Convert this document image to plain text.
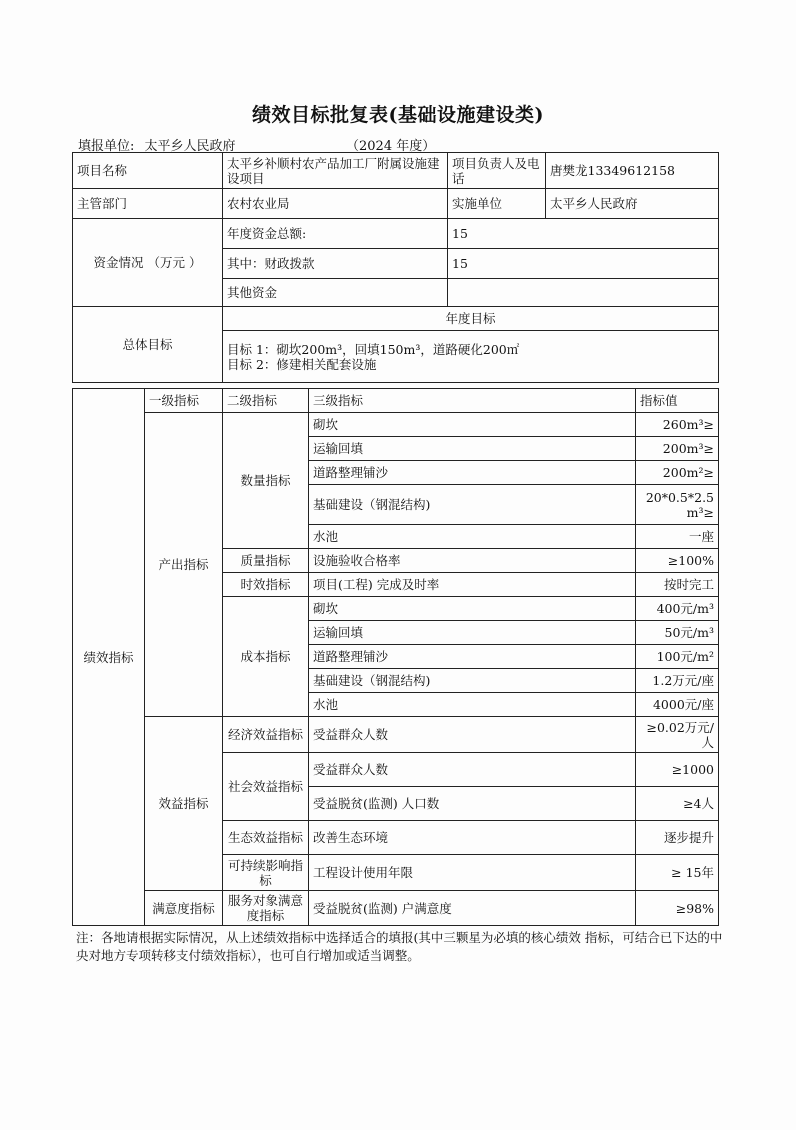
绩效目标批复表(基础设施建设类)
填报单位: 太平乡人民政府	（2024 年度）
项目名称	太平乡补顺村农产品加工厂附属设施建设项目	项目负责人及电话	唐樊龙13349612158
主管部门	农村农业局	实施单位	太平乡人民政府
资金情况 （万元 ）	年度资金总额:	15	
	其中：财政拨款	15	
	其他资金		
总体目标	年度目标		

	目标 1：砌坎200m³，回填150m³，道路硬化200㎡
目标 2：修建相关配套设施		
绩效指标	一级指标	二级指标	三级指标	指标值
	产出指标	数量指标	砌坎	260m³≥
			运输回填	200m³≥
			道路整理铺沙	200m²≥
			基础建设（钢混结构)	20*0.5*2.5m³≥
			水池	一座
		质量指标	设施验收合格率	≥100%
		时效指标	项目(工程) 完成及时率	按时完工
		成本指标	砌坎	400元/m³
			运输回填	50元/m³
			道路整理铺沙	100元/m²
			基础建设（钢混结构)	1.2万元/座
			水池	4000元/座
	效益指标	经济效益指标	受益群众人数	≥0.02万元/人
		社会效益指标	受益群众人数	≥1000
			受益脱贫(监测) 人口数	≥4人
		生态效益指标	改善生态环境	逐步提升
		可持续影响指标	工程设计使用年限	≥ 15年

	满意度指标	服务对象满意度指标	受益脱贫(监测) 户满意度	≥98%
注：各地请根据实际情况，从上述绩效指标中选择适合的填报(其中三颗星为必填的核心绩效 指标，可结合已下达的中央对地方专项转移支付绩效指标），也可自行增加或适当调整。
